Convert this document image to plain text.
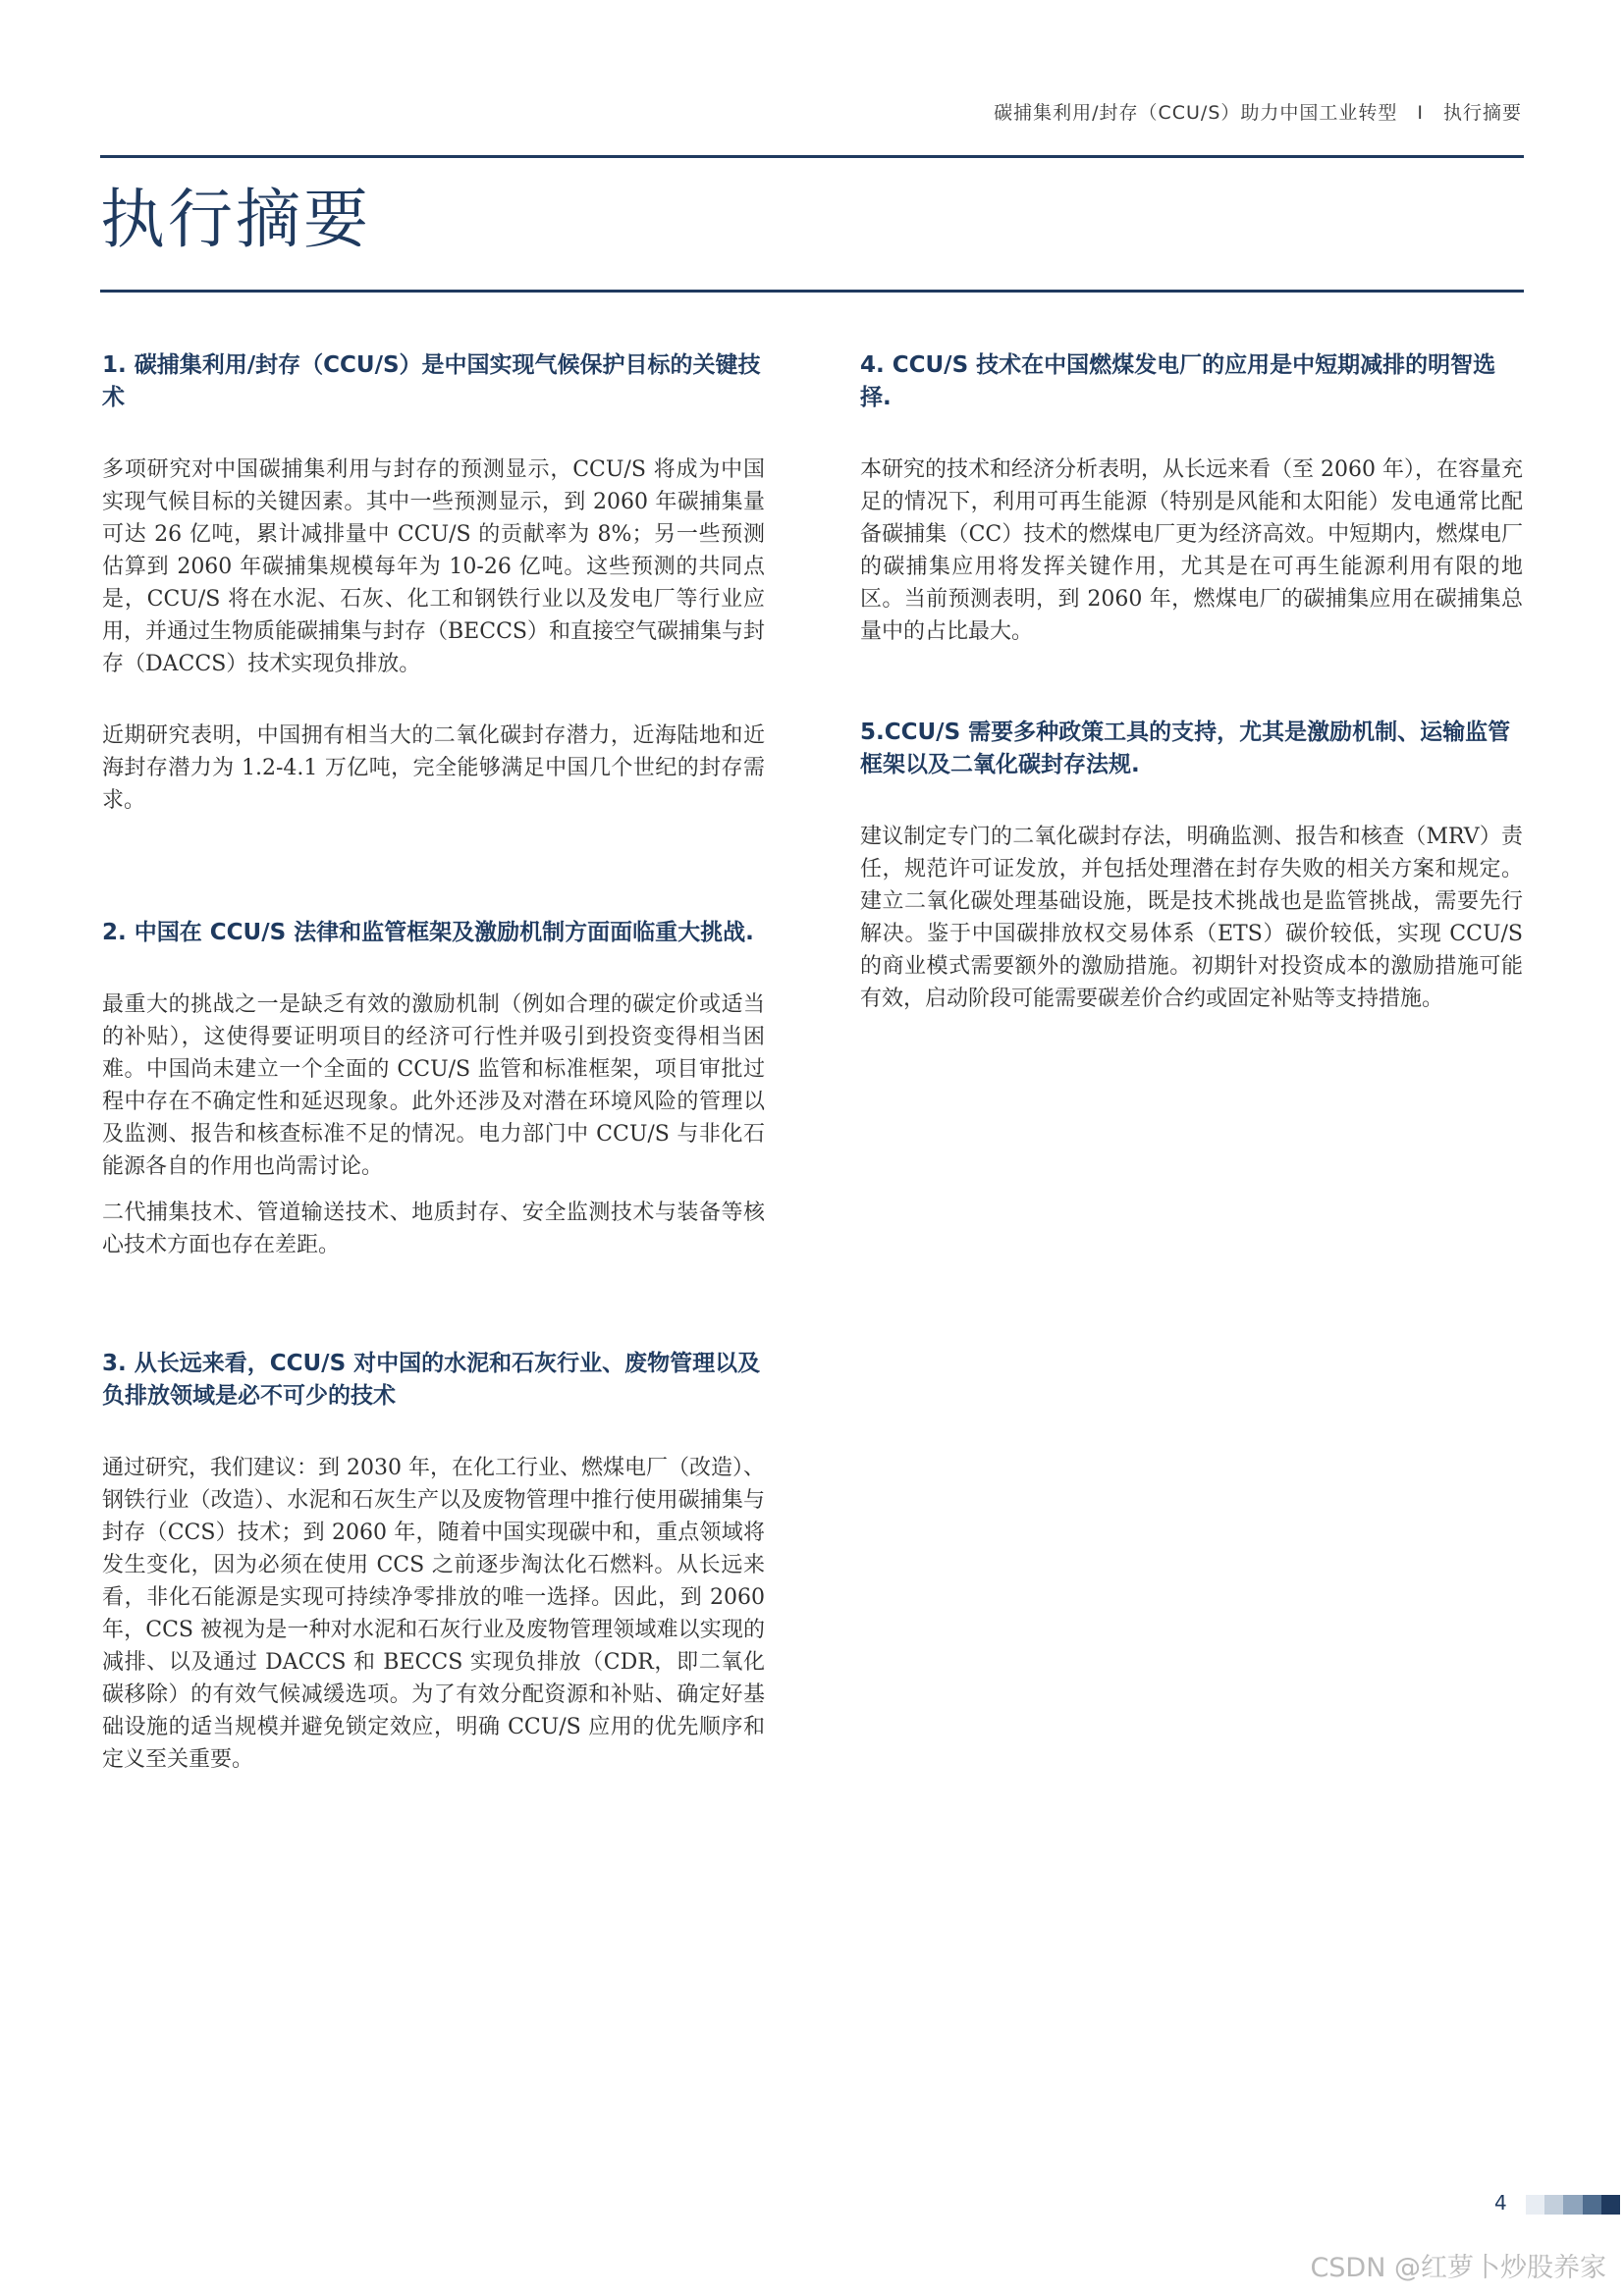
碳捕集利用/封存（CCU/S）助力中国工业转型　I　执行摘要
执行摘要
1. 碳捕集利用/封存（CCU/S）是中国实现气候保护目标的关键技术

多项研究对中国碳捕集利用与封存的预测显示，CCU/S 将成为中国实现气候目标的关键因素。其中一些预测显示，到 2060 年碳捕集量可达 26 亿吨，累计减排量中 CCU/S 的贡献率为 8%；另一些预测估算到 2060 年碳捕集规模每年为 10-26 亿吨。这些预测的共同点是，CCU/S 将在水泥、石灰、化工和钢铁行业以及发电厂等行业应用，并通过生物质能碳捕集与封存（BECCS）和直接空气碳捕集与封存（DACCS）技术实现负排放。

近期研究表明，中国拥有相当大的二氧化碳封存潜力，近海陆地和近海封存潜力为 1.2-4.1 万亿吨，完全能够满足中国几个世纪的封存需求。

2. 中国在 CCU/S 法律和监管框架及激励机制方面面临重大挑战.

最重大的挑战之一是缺乏有效的激励机制（例如合理的碳定价或适当的补贴），这使得要证明项目的经济可行性并吸引到投资变得相当困难。中国尚未建立一个全面的 CCU/S 监管和标准框架，项目审批过程中存在不确定性和延迟现象。此外还涉及对潜在环境风险的管理以及监测、报告和核查标准不足的情况。电力部门中 CCU/S 与非化石能源各自的作用也尚需讨论。

二代捕集技术、管道输送技术、地质封存、安全监测技术与装备等核心技术方面也存在差距。

3. 从长远来看，CCU/S 对中国的水泥和石灰行业、废物管理以及负排放领域是必不可少的技术

通过研究，我们建议：到 2030 年，在化工行业、燃煤电厂（改造）、钢铁行业（改造）、水泥和石灰生产以及废物管理中推行使用碳捕集与封存（CCS）技术；到 2060 年，随着中国实现碳中和，重点领域将发生变化，因为必须在使用 CCS 之前逐步淘汰化石燃料。从长远来看，非化石能源是实现可持续净零排放的唯一选择。因此，到 2060 年，CCS 被视为是一种对水泥和石灰行业及废物管理领域难以实现的减排、以及通过 DACCS 和 BECCS 实现负排放（CDR，即二氧化碳移除）的有效气候减缓选项。为了有效分配资源和补贴、确定好基础设施的适当规模并避免锁定效应，明确 CCU/S 应用的优先顺序和定义至关重要。

4. CCU/S 技术在中国燃煤发电厂的应用是中短期减排的明智选择.

本研究的技术和经济分析表明，从长远来看（至 2060 年），在容量充足的情况下，利用可再生能源（特别是风能和太阳能）发电通常比配备碳捕集（CC）技术的燃煤电厂更为经济高效。中短期内，燃煤电厂的碳捕集应用将发挥关键作用，尤其是在可再生能源利用有限的地区。当前预测表明，到 2060 年，燃煤电厂的碳捕集应用在碳捕集总量中的占比最大。

5.CCU/S 需要多种政策工具的支持，尤其是激励机制、运输监管框架以及二氧化碳封存法规.

建议制定专门的二氧化碳封存法，明确监测、报告和核查（MRV）责任，规范许可证发放，并包括处理潜在封存失败的相关方案和规定。建立二氧化碳处理基础设施，既是技术挑战也是监管挑战，需要先行解决。鉴于中国碳排放权交易体系（ETS）碳价较低，实现 CCU/S 的商业模式需要额外的激励措施。初期针对投资成本的激励措施可能有效，启动阶段可能需要碳差价合约或固定补贴等支持措施。

4
CSDN @红萝卜炒股养家
